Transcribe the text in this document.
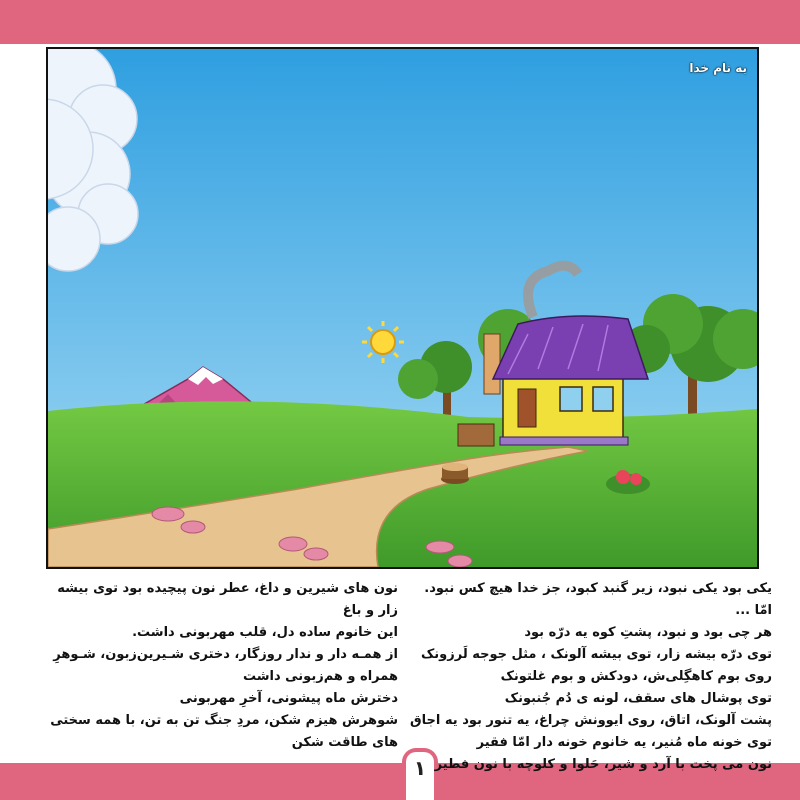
۱
به نام خدا

یکی بود یکی نبود، زیر گنبد کبود، جز خدا هیچ کس نبود. امّا ...

هر چی بود و نبود، پشتِ کوه یه درّه بود

توی درّه بیشه زار، توی بیشه آلونک ، مثل جوجه لَرزونک

روی بوم کاهگِلی‌ش، دودکش و بوم غلتونک

توی پوشال های سقف، لونه ی دُم جُنبونک

پشت آلونک، اتاق، روی ایوونش چراغ، یه تنور بود یه اجاق

توی خونه ماه مُنیر، یه خانوم خونه دار امّا فقیر

نون می پخت با آرد و شیر، حَلوا و کلوچه با نون فطیر

نون های شیرین و داغ، عطر نون پیچیده بود توی بیشه زار و باغ

این خانوم ساده دل، قلب مهربونی داشت.

از همـه دار و ندار روزگار، دختری شـیرین‌زبون، شـوهرِ همراه و هم‌زبونی داشت

دخترش ماه پیشونی، آخرِ مهربونی

شوهرش هیزم شکن، مردِ جنگ تن به تن، با همه سختی های طاقت شکن
